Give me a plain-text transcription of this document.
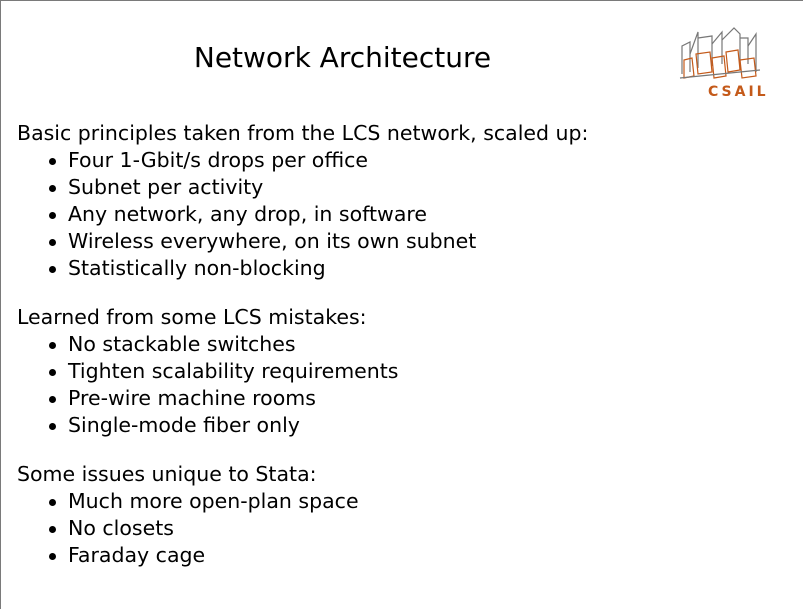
Network Architecture
CSAIL

Basic principles taken from the LCS network, scaled up:

Four 1-Gbit/s drops per office
Subnet per activity
Any network, any drop, in software
Wireless everywhere, on its own subnet
Statistically non-blocking

Learned from some LCS mistakes:

No stackable switches
Tighten scalability requirements
Pre-wire machine rooms
Single-mode fiber only

Some issues unique to Stata:

Much more open-plan space
No closets
Faraday cage
